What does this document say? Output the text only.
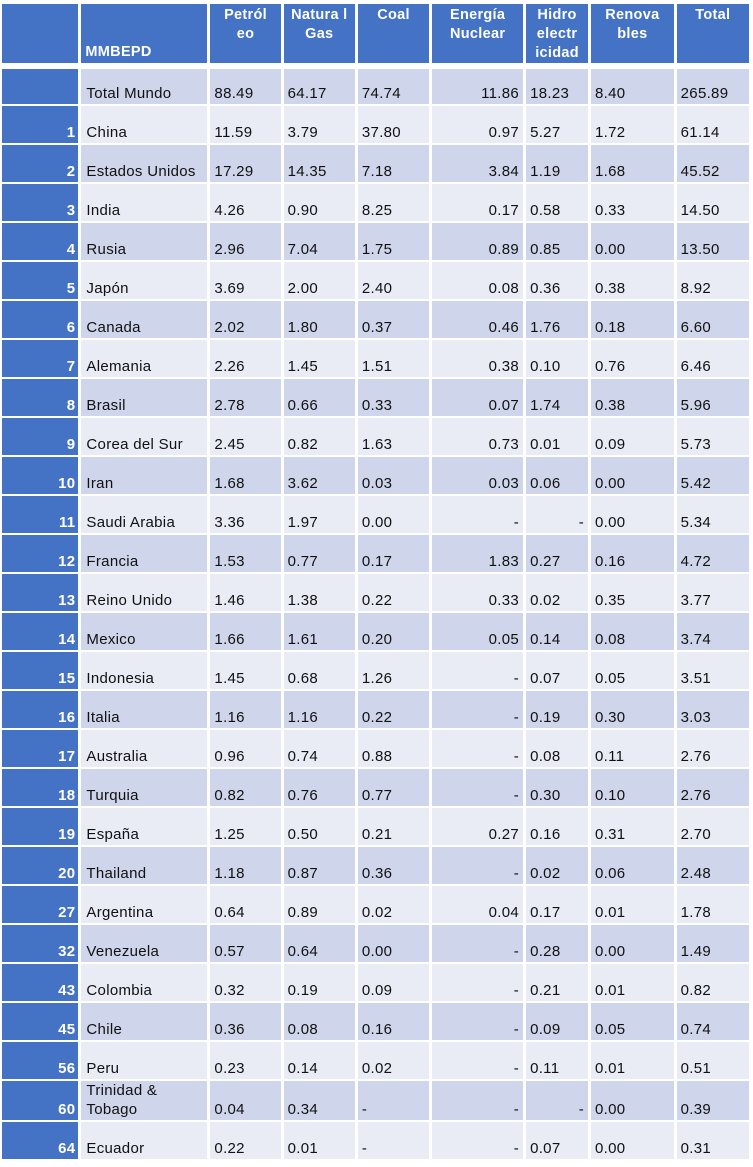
	MMBEPD	Petról eo	Natura l Gas	Coal	Energía Nuclear	Hidro electr icidad	Renova bles	Total

	Total Mundo	88.49	64.17	74.74	11.86	18.23	8.40	265.89
1	China	11.59	3.79	37.80	0.97	5.27	1.72	61.14
2	Estados Unidos	17.29	14.35	7.18	3.84	1.19	1.68	45.52
3	India	4.26	0.90	8.25	0.17	0.58	0.33	14.50
4	Rusia	2.96	7.04	1.75	0.89	0.85	0.00	13.50
5	Japón	3.69	2.00	2.40	0.08	0.36	0.38	8.92
6	Canada	2.02	1.80	0.37	0.46	1.76	0.18	6.60
7	Alemania	2.26	1.45	1.51	0.38	0.10	0.76	6.46
8	Brasil	2.78	0.66	0.33	0.07	1.74	0.38	5.96
9	Corea del Sur	2.45	0.82	1.63	0.73	0.01	0.09	5.73
10	Iran	1.68	3.62	0.03	0.03	0.06	0.00	5.42
11	Saudi Arabia	3.36	1.97	0.00	-	-	0.00	5.34
12	Francia	1.53	0.77	0.17	1.83	0.27	0.16	4.72
13	Reino Unido	1.46	1.38	0.22	0.33	0.02	0.35	3.77
14	Mexico	1.66	1.61	0.20	0.05	0.14	0.08	3.74
15	Indonesia	1.45	0.68	1.26	-	0.07	0.05	3.51
16	Italia	1.16	1.16	0.22	-	0.19	0.30	3.03
17	Australia	0.96	0.74	0.88	-	0.08	0.11	2.76
18	Turquia	0.82	0.76	0.77	-	0.30	0.10	2.76
19	España	1.25	0.50	0.21	0.27	0.16	0.31	2.70
20	Thailand	1.18	0.87	0.36	-	0.02	0.06	2.48
27	Argentina	0.64	0.89	0.02	0.04	0.17	0.01	1.78
32	Venezuela	0.57	0.64	0.00	-	0.28	0.00	1.49
43	Colombia	0.32	0.19	0.09	-	0.21	0.01	0.82
45	Chile	0.36	0.08	0.16	-	0.09	0.05	0.74
56	Peru	0.23	0.14	0.02	-	0.11	0.01	0.51
60	Trinidad & Tobago	0.04	0.34	-	-	-	0.00	0.39
64	Ecuador	0.22	0.01	-	-	0.07	0.00	0.31
